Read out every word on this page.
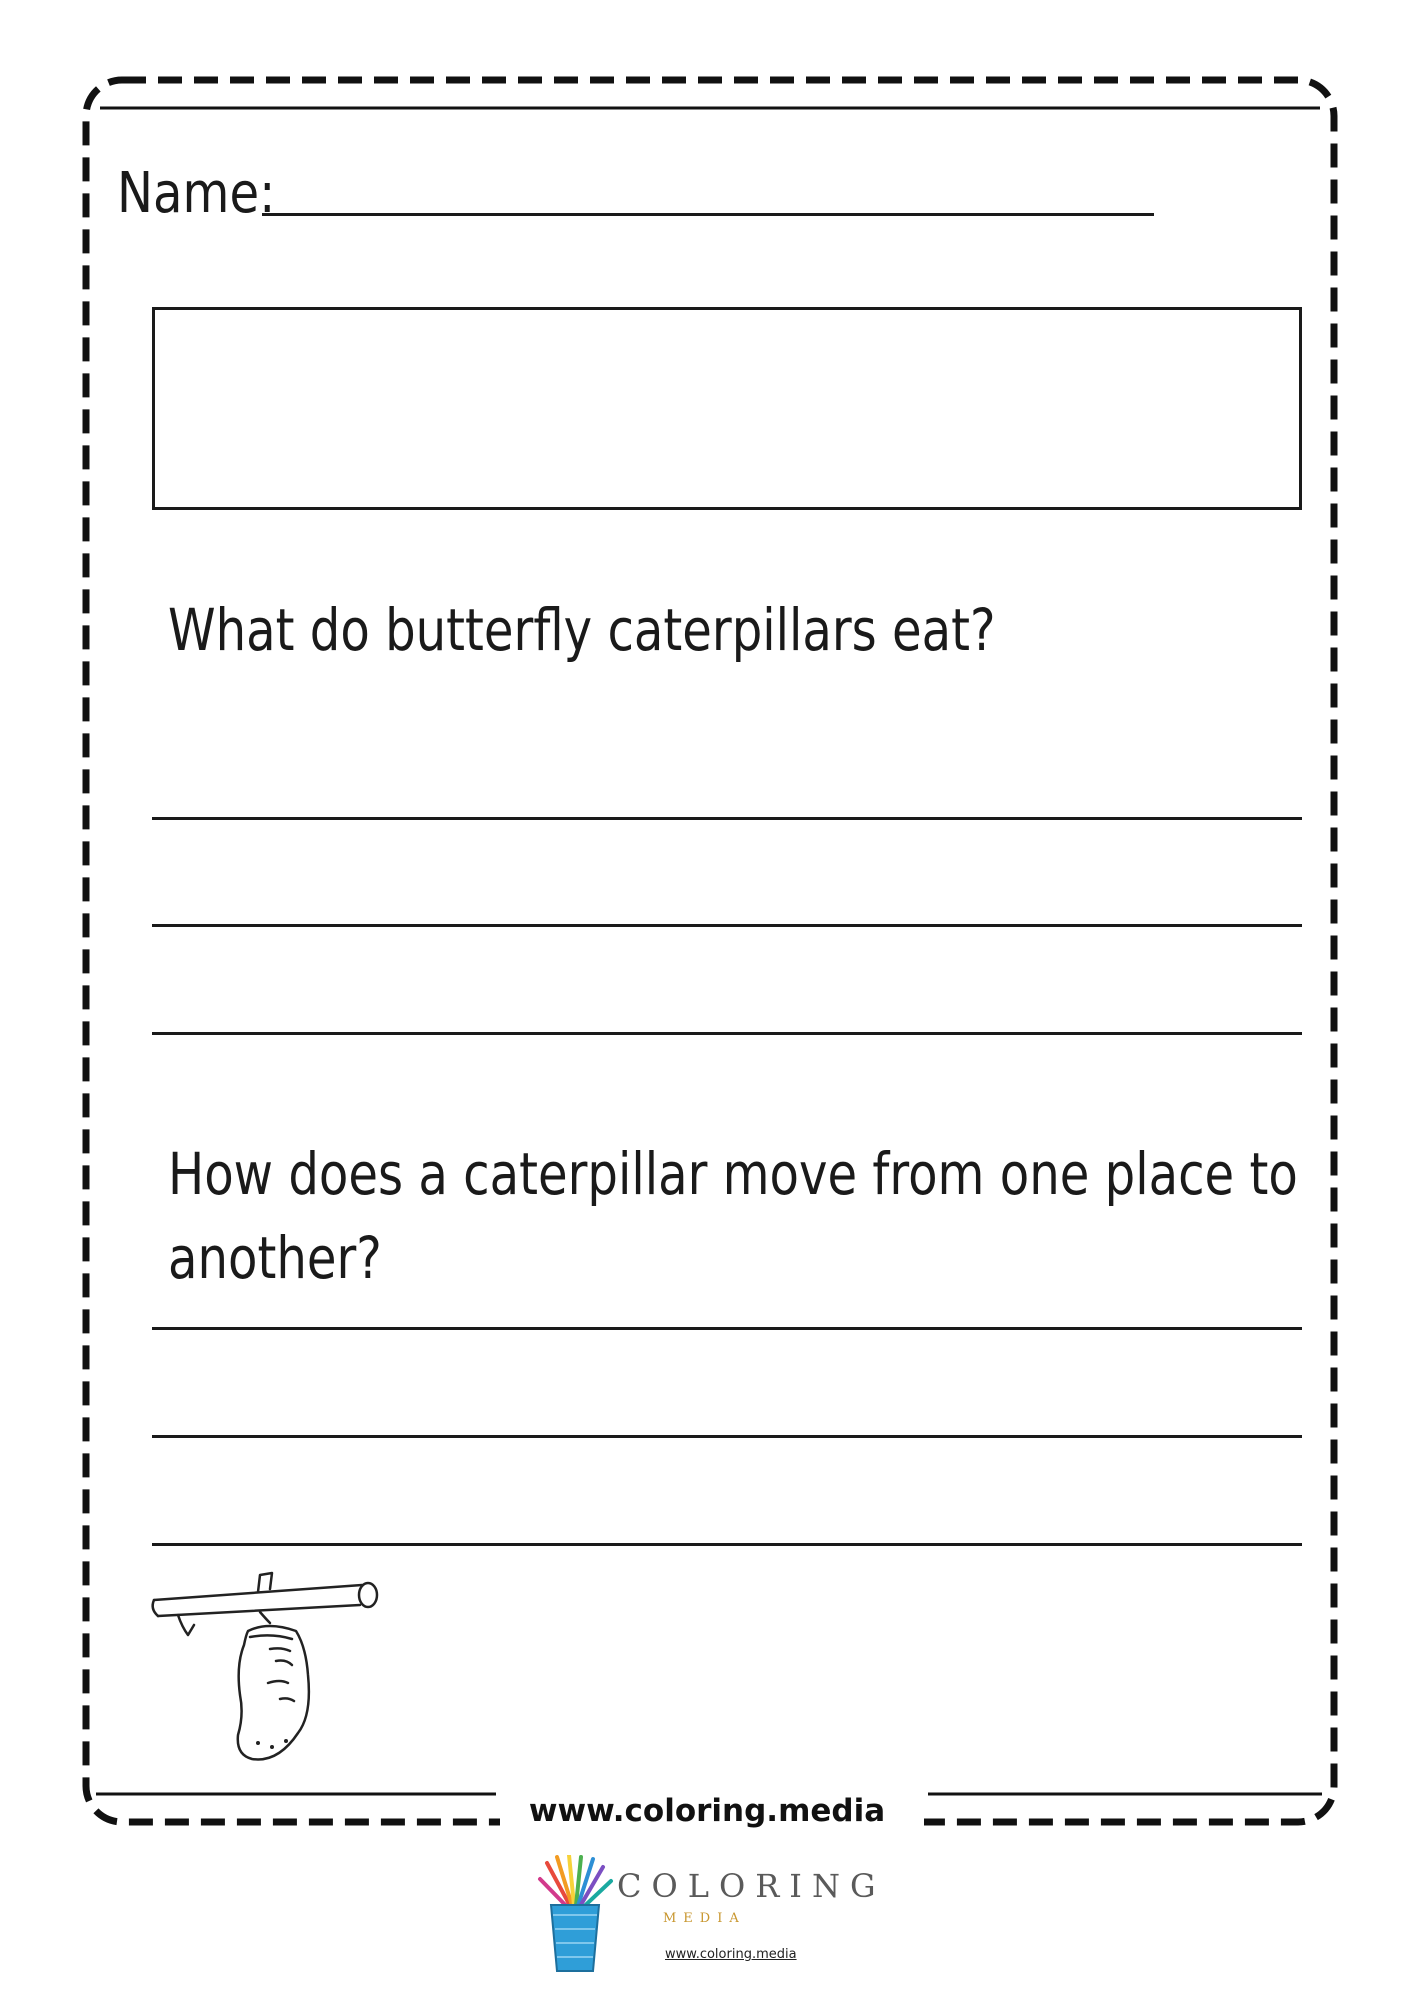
Name:
What do butterfly caterpillars eat?
How does a caterpillar move from one place to another?
www.coloring.media
COLORING
MEDIA
www.coloring.media
